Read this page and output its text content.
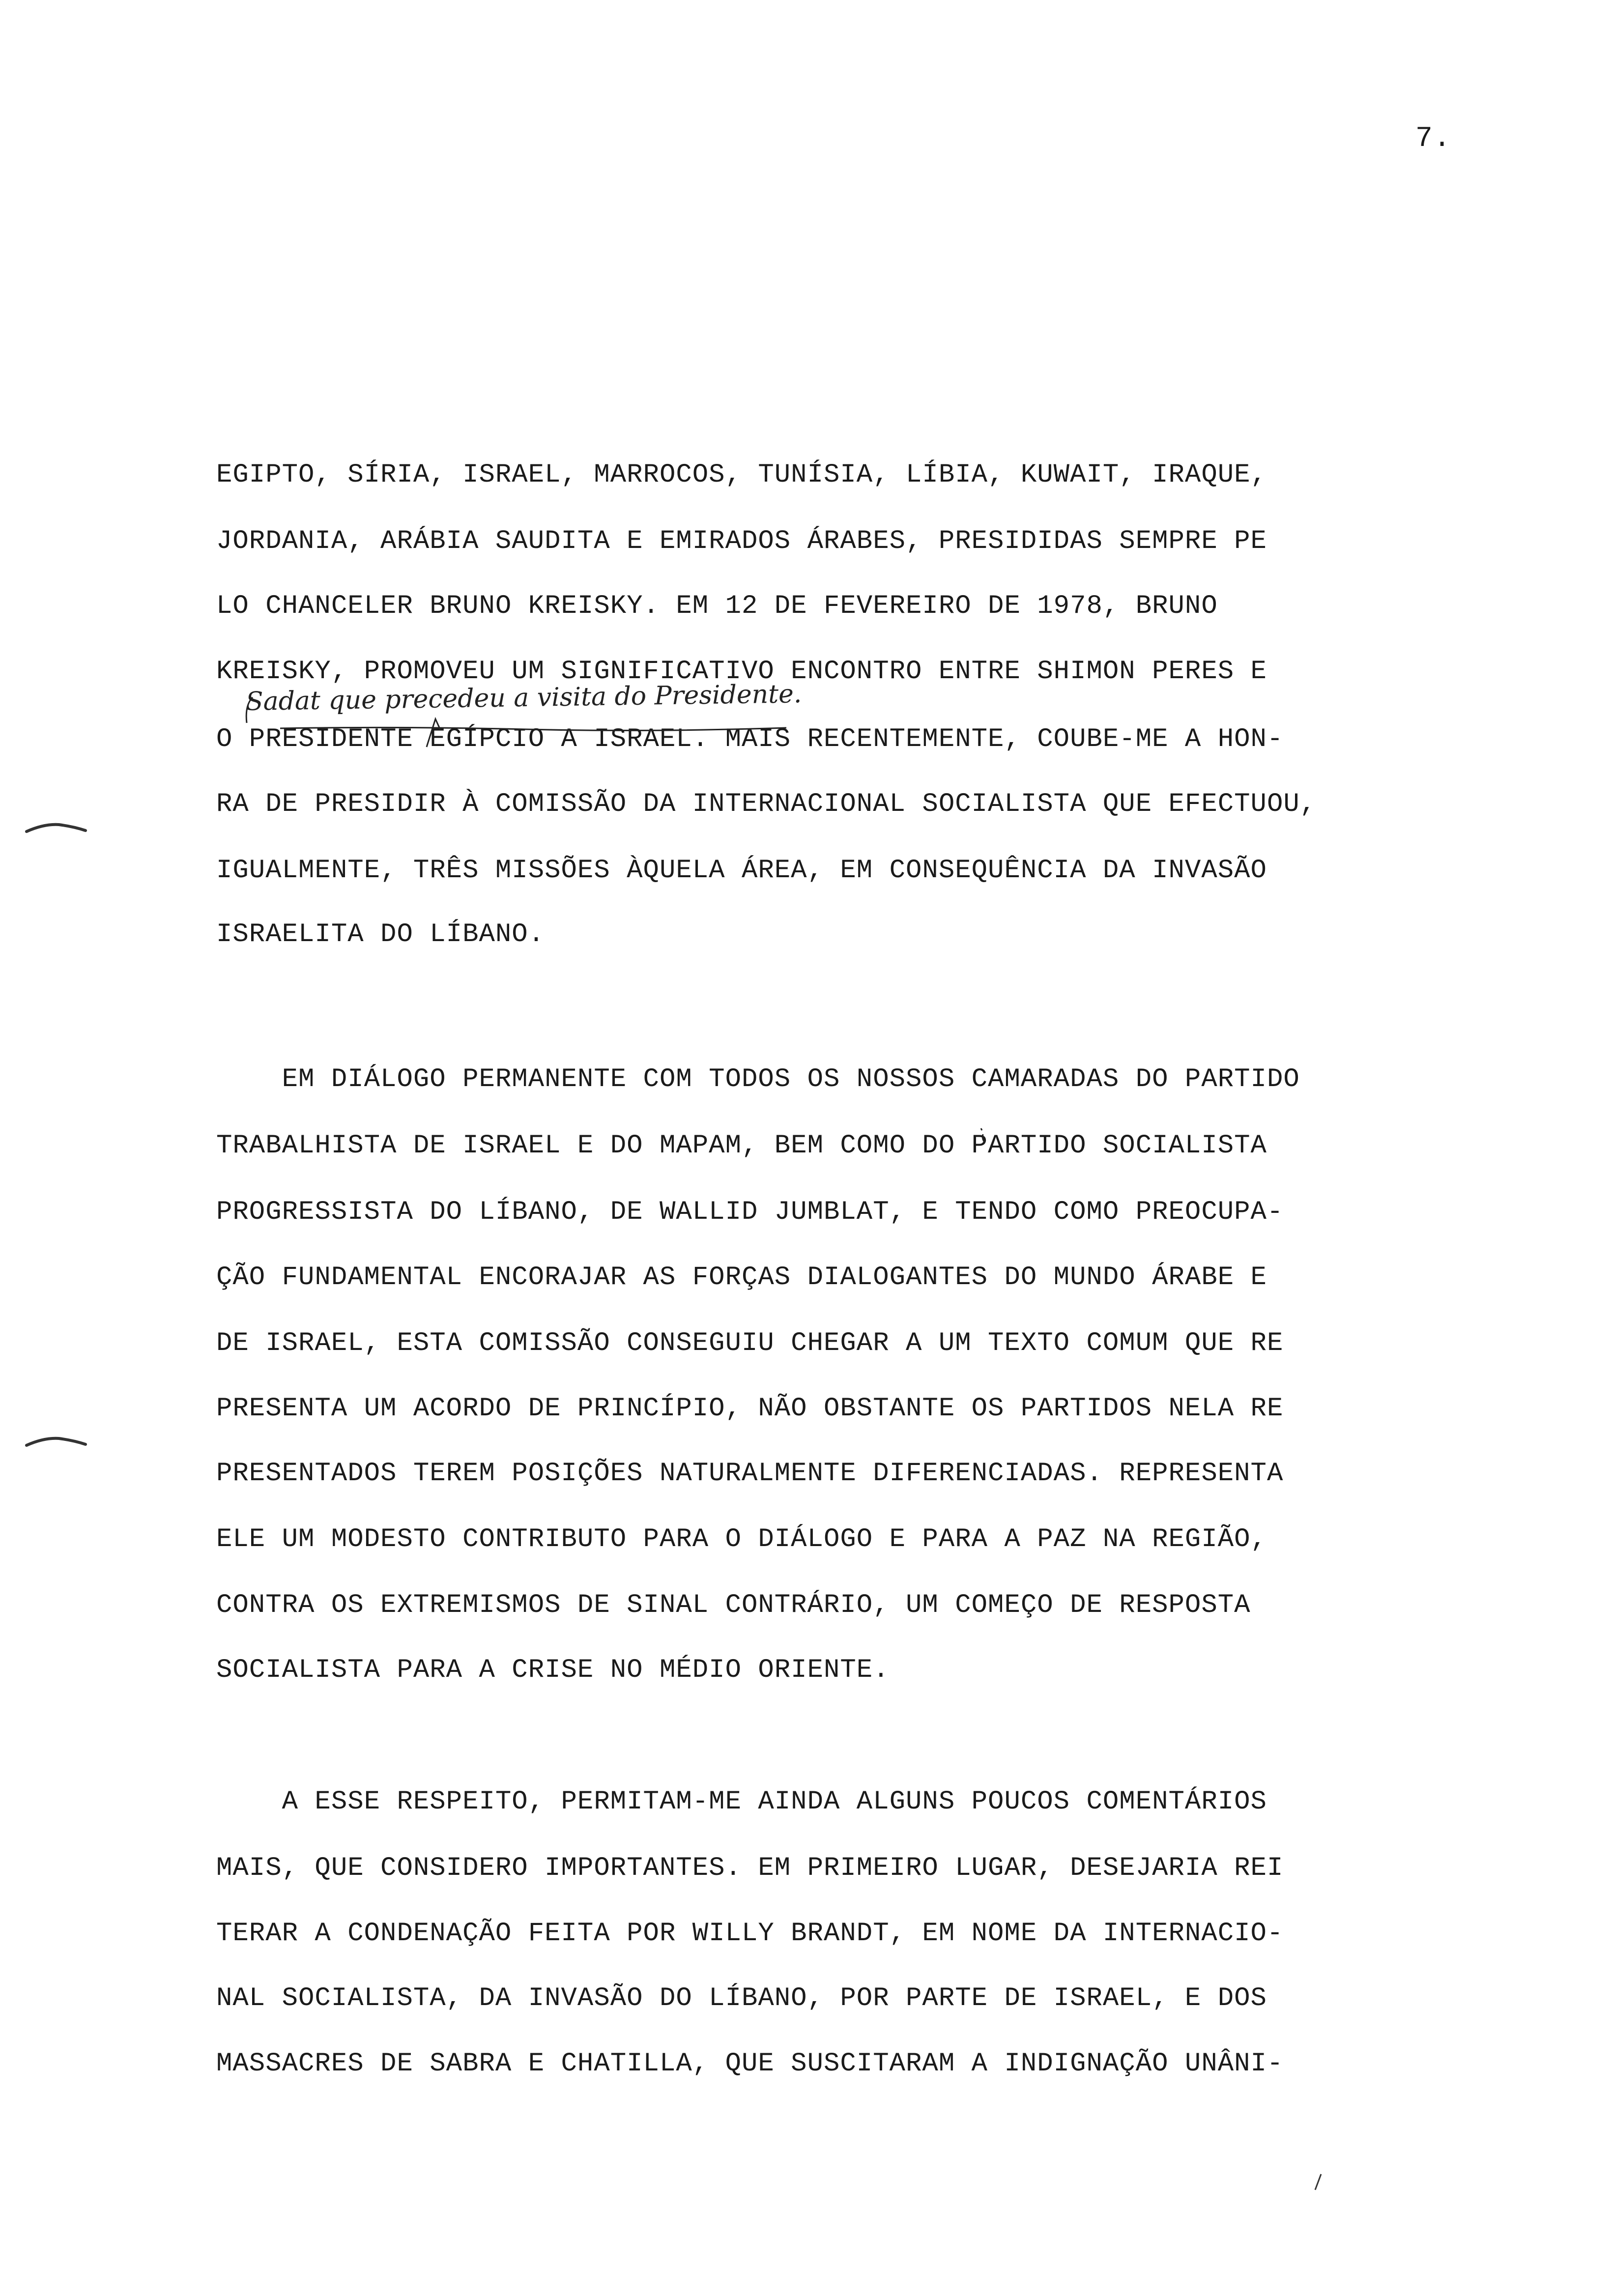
7.
EGIPTO, SÍRIA, ISRAEL, MARROCOS, TUNÍSIA, LÍBIA, KUWAIT, IRAQUE,
JORDANIA, ARÁBIA SAUDITA E EMIRADOS ÁRABES, PRESIDIDAS SEMPRE PE
LO CHANCELER BRUNO KREISKY. EM 12 DE FEVEREIRO DE 1978, BRUNO
KREISKY, PROMOVEU UM SIGNIFICATIVO ENCONTRO ENTRE SHIMON PERES E
O PRESIDENTE EGÍPCIO A ISRAEL. MAIS RECENTEMENTE, COUBE-ME A HON-
RA DE PRESIDIR À COMISSÃO DA INTERNACIONAL SOCIALISTA QUE EFECTUOU,
IGUALMENTE, TRÊS MISSÕES ÀQUELA ÁREA, EM CONSEQUÊNCIA DA INVASÃO
ISRAELITA DO LÍBANO.
Sadat que precedeu a visita do Presidente.
EM DIÁLOGO PERMANENTE COM TODOS OS NOSSOS CAMARADAS DO PARTIDO
TRABALHISTA DE ISRAEL E DO MAPAM, BEM COMO DO PARTIDO SOCIALISTA
PROGRESSISTA DO LÍBANO, DE WALLID JUMBLAT, E TENDO COMO PREOCUPA-
ÇÃO FUNDAMENTAL ENCORAJAR AS FORÇAS DIALOGANTES DO MUNDO ÁRABE E
DE ISRAEL, ESTA COMISSÃO CONSEGUIU CHEGAR A UM TEXTO COMUM QUE RE
PRESENTA UM ACORDO DE PRINCÍPIO, NÃO OBSTANTE OS PARTIDOS NELA RE
PRESENTADOS TEREM POSIÇÕES NATURALMENTE DIFERENCIADAS. REPRESENTA
ELE UM MODESTO CONTRIBUTO PARA O DIÁLOGO E PARA A PAZ NA REGIÃO,
CONTRA OS EXTREMISMOS DE SINAL CONTRÁRIO, UM COMEÇO DE RESPOSTA
SOCIALISTA PARA A CRISE NO MÉDIO ORIENTE.
A ESSE RESPEITO, PERMITAM-ME AINDA ALGUNS POUCOS COMENTÁRIOS
MAIS, QUE CONSIDERO IMPORTANTES. EM PRIMEIRO LUGAR, DESEJARIA REI
TERAR A CONDENAÇÃO FEITA POR WILLY BRANDT, EM NOME DA INTERNACIO-
NAL SOCIALISTA, DA INVASÃO DO LÍBANO, POR PARTE DE ISRAEL, E DOS
MASSACRES DE SABRA E CHATILLA, QUE SUSCITARAM A INDIGNAÇÃO UNÂNI-
